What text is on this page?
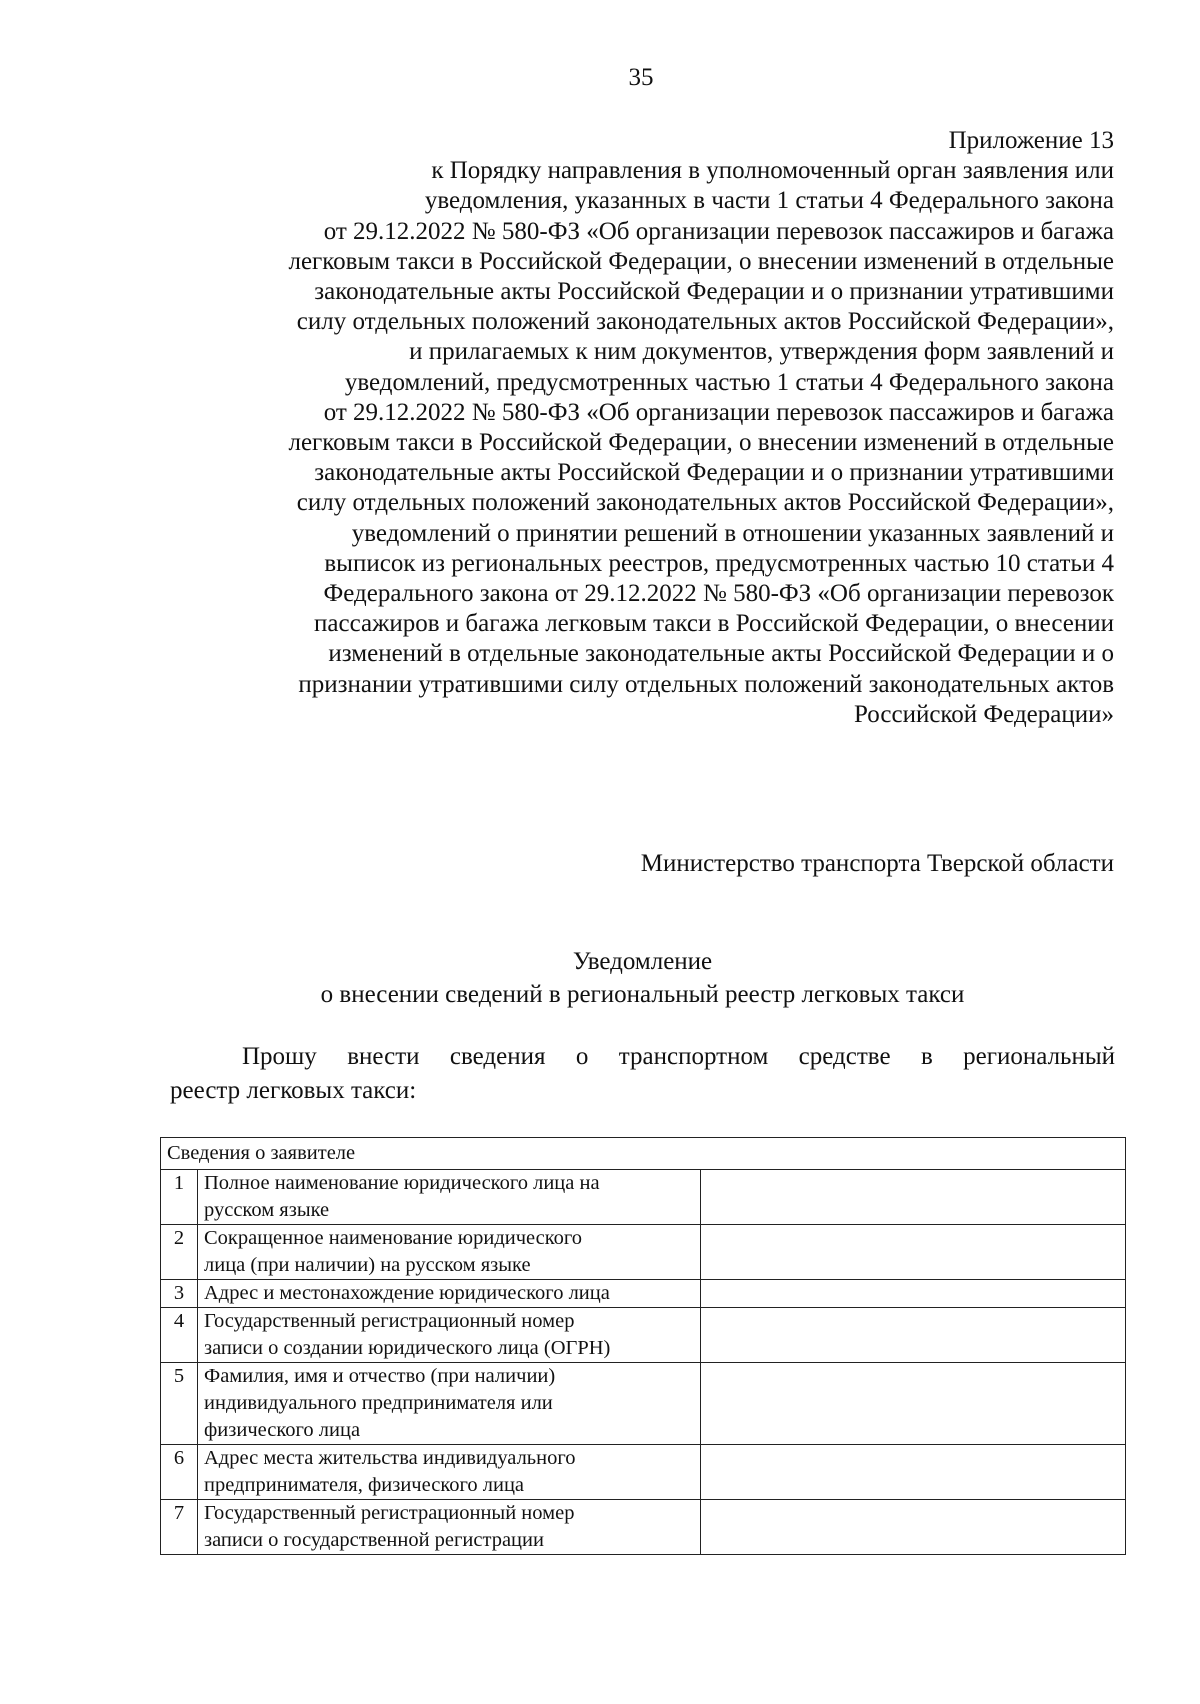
35
Приложение 13
к Порядку направления в уполномоченный орган заявления или
уведомления, указанных в части 1 статьи 4 Федерального закона
от 29.12.2022 № 580-ФЗ «Об организации перевозок пассажиров и багажа
легковым такси в Российской Федерации, о внесении изменений в отдельные
законодательные акты Российской Федерации и о признании утратившими
силу отдельных положений законодательных актов Российской Федерации»,
и прилагаемых к ним документов, утверждения форм заявлений и
уведомлений, предусмотренных частью 1 статьи 4 Федерального закона
от 29.12.2022 № 580-ФЗ «Об организации перевозок пассажиров и багажа
легковым такси в Российской Федерации, о внесении изменений в отдельные
законодательные акты Российской Федерации и о признании утратившими
силу отдельных положений законодательных актов Российской Федерации»,
уведомлений о принятии решений в отношении указанных заявлений и
выписок из региональных реестров, предусмотренных частью 10 статьи 4
Федерального закона от 29.12.2022 № 580-ФЗ «Об организации перевозок
пассажиров и багажа легковым такси в Российской Федерации, о внесении
изменений в отдельные законодательные акты Российской Федерации и о
признании утратившими силу отдельных положений законодательных актов
Российской Федерации»
Министерство транспорта Тверской области
Уведомление
о внесении сведений в региональный реестр легковых такси
Прошу внести сведения о транспортном средстве в региональный реестр легковых такси:
Сведения о заявителе		
1	Полное наименование юридического лица на
русском языке	

2	Сокращенное наименование юридического
лица (при наличии) на русском языке	

3	Адрес и местонахождение юридического лица	

4	Государственный регистрационный номер
записи о создании юридического лица (ОГРН)	

5	Фамилия, имя и отчество (при наличии)
индивидуального предпринимателя или
физического лица	

6	Адрес места жительства индивидуального
предпринимателя, физического лица	

7	Государственный регистрационный номер
записи о государственной регистрации	
